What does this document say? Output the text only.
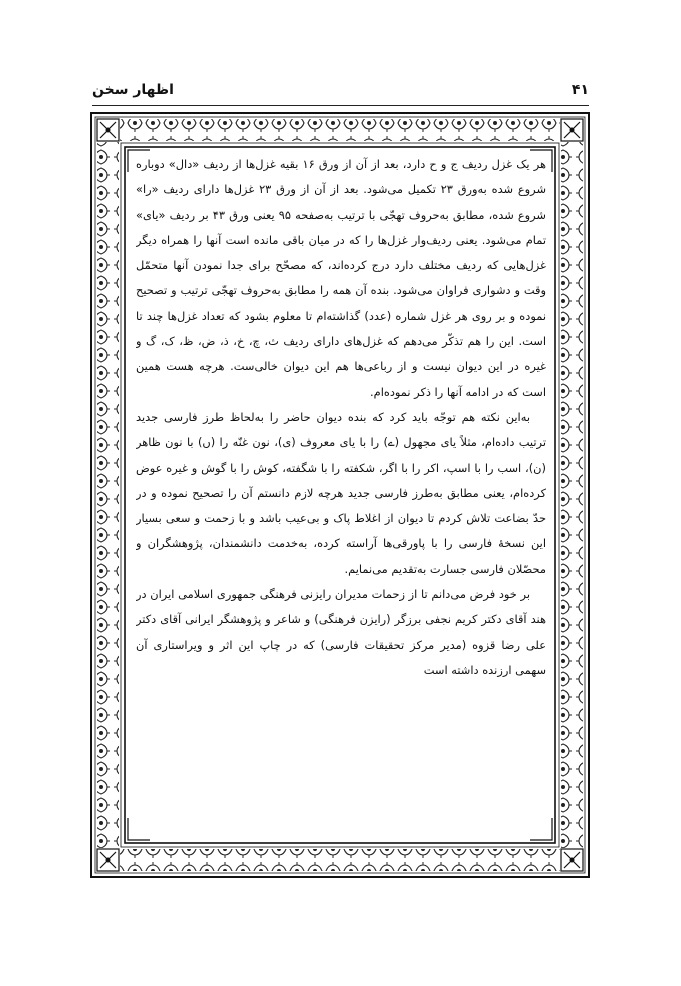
۴۱
اظهار سخن

هر یک غزل ردیف ج و ح دارد، بعد از آن از ورق ۱۶ بقیه غزل‌ها از ردیف «دال» دوباره شروع شده به‌ورق ۲۳ تکمیل می‌شود. بعد از آن از ورق ۲۳ غزل‌ها دارای ردیف «را» شروع شده، مطابق به‌حروف تهجّی با ترتیب به‌صفحه ۹۵ یعنی ورق ۴۳ بر ردیف «یای» تمام می‌شود. یعنی ردیف‌وار غزل‌ها را که در میان باقی مانده است آنها را همراه دیگر غزل‌هایی که ردیف مختلف دارد درج کرده‌اند، که مصحّح برای جدا نمودن آنها متحمّل وقت و دشواری فراوان می‌شود. بنده آن همه را مطابق به‌حروف تهجّی ترتیب و تصحیح نموده و بر روی هر غزل شماره (عدد) گذاشته‌ام تا معلوم بشود که تعداد غزل‌ها چند تا است. این را هم تذکّر می‌دهم که غزل‌های دارای ردیف ث، چ، خ، ذ، ض، ظ، ک، گ و غیره در این دیوان نیست و از رباعی‌ها هم این دیوان خالی‌ست. هرچه هست همین است که در ادامه آنها را ذکر نموده‌ام.

به‌این نکته هم توجّه باید کرد که بنده دیوان حاضر را به‌لحاظ طرز فارسی جدید ترتیب داده‌ام، مثلاً یای مجهول (ے) را با یای معروف (ی)، نون غنّه را (ں) با نون ظاهر (ن)، اسب را با اسپ، اکر را با اگر، شکفته را با شگفته، کوش را با گوش و غیره عوض کرده‌ام، یعنی مطابق به‌طرز فارسی جدید هرچه لازم دانستم آن را تصحیح نموده و در حدّ بضاعت تلاش کردم تا دیوان از اغلاط پاک و بی‌عیب باشد و با زحمت و سعی بسیار این نسخهٔ فارسی را با پاورقی‌ها آراسته کرده، به‌خدمت دانشمندان، پژوهشگران و محصّلان فارسی جسارت به‌تقدیم می‌نمایم.

بر خود فرض می‌دانم تا از زحمات مدیران رایزنی فرهنگی جمهوری اسلامی ایران در هند آقای دکتر کریم نجفی برزگر (رایزن فرهنگی) و شاعر و پژوهشگر ایرانی آقای دکتر علی رضا قزوه (مدیر مرکز تحقیقات فارسی) که در چاپ این اثر و ویراستاری آن سهمی ارزنده داشته است
